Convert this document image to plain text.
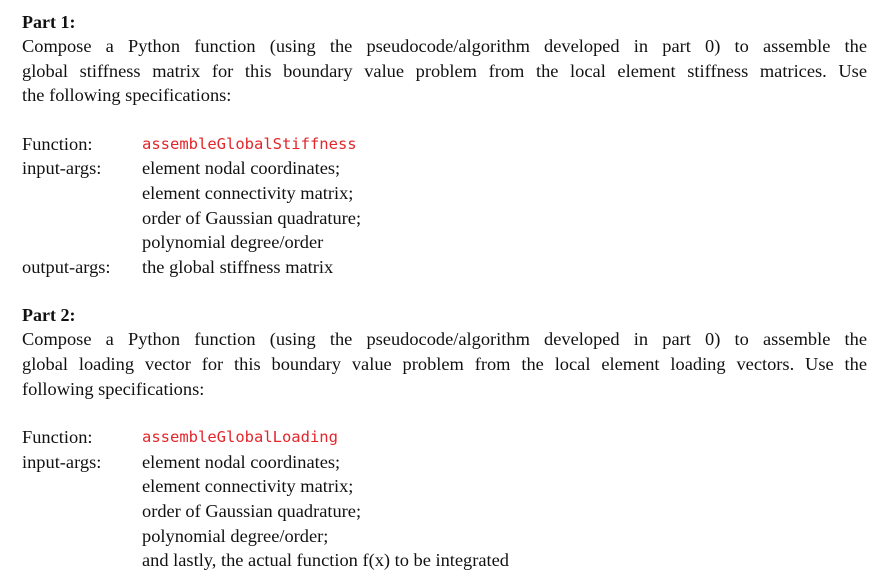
Part 1:
Compose a Python function (using the pseudocode/algorithm developed in part 0) to assemble the
global stiffness matrix for this boundary value problem from the local element stiffness matrices. Use
the following specifications:
Function:	assembleGlobalStiffness
input-args:	element nodal coordinates;
element connectivity matrix;
order of Gaussian quadrature;
polynomial degree/order
output-args:	the global stiffness matrix
Part 2:
Compose a Python function (using the pseudocode/algorithm developed in part 0) to assemble the
global loading vector for this boundary value problem from the local element loading vectors. Use the
following specifications:
Function:	assembleGlobalLoading
input-args:	element nodal coordinates;
element connectivity matrix;
order of Gaussian quadrature;
polynomial degree/order;
and lastly, the actual function f(x) to be integrated
